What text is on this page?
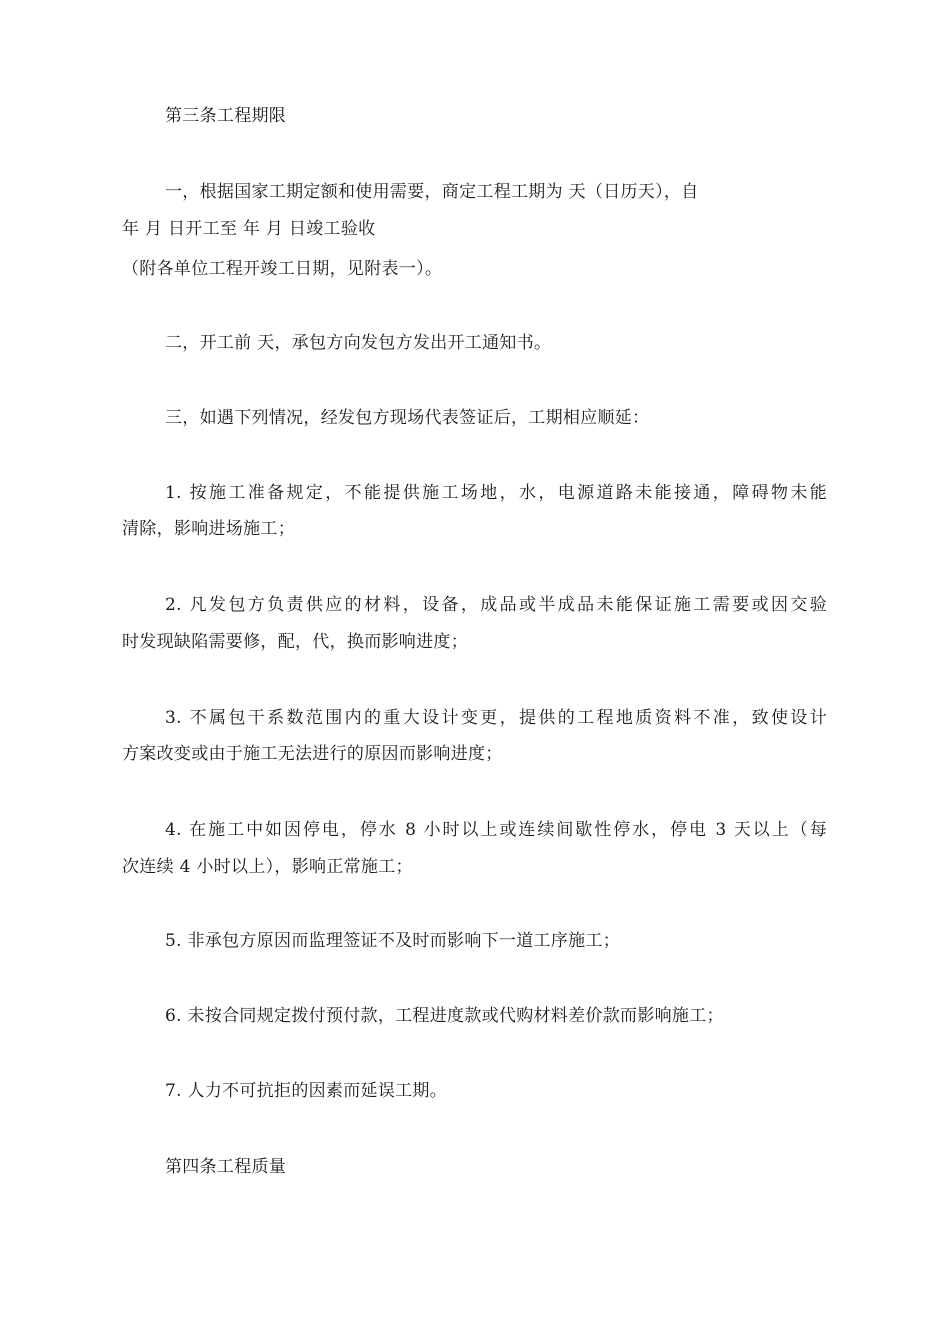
第三条工程期限
一，根据国家工期定额和使用需要，商定工程工期为 天（日历天），自
年 月 日开工至 年 月 日竣工验收
（附各单位工程开竣工日期，见附表一）。
二，开工前 天，承包方向发包方发出开工通知书。
三，如遇下列情况，经发包方现场代表签证后，工期相应顺延：
1. 按施工准备规定，不能提供施工场地，水，电源道路未能接通，障碍物未能
清除，影响进场施工；
2. 凡发包方负责供应的材料，设备，成品或半成品未能保证施工需要或因交验
时发现缺陷需要修，配，代，换而影响进度；
3. 不属包干系数范围内的重大设计变更，提供的工程地质资料不准，致使设计
方案改变或由于施工无法进行的原因而影响进度；
4. 在施工中如因停电，停水 8 小时以上或连续间歇性停水，停电 3 天以上（每
次连续 4 小时以上），影响正常施工；
5. 非承包方原因而监理签证不及时而影响下一道工序施工；
6. 未按合同规定拨付预付款，工程进度款或代购材料差价款而影响施工；
7. 人力不可抗拒的因素而延误工期。
第四条工程质量
